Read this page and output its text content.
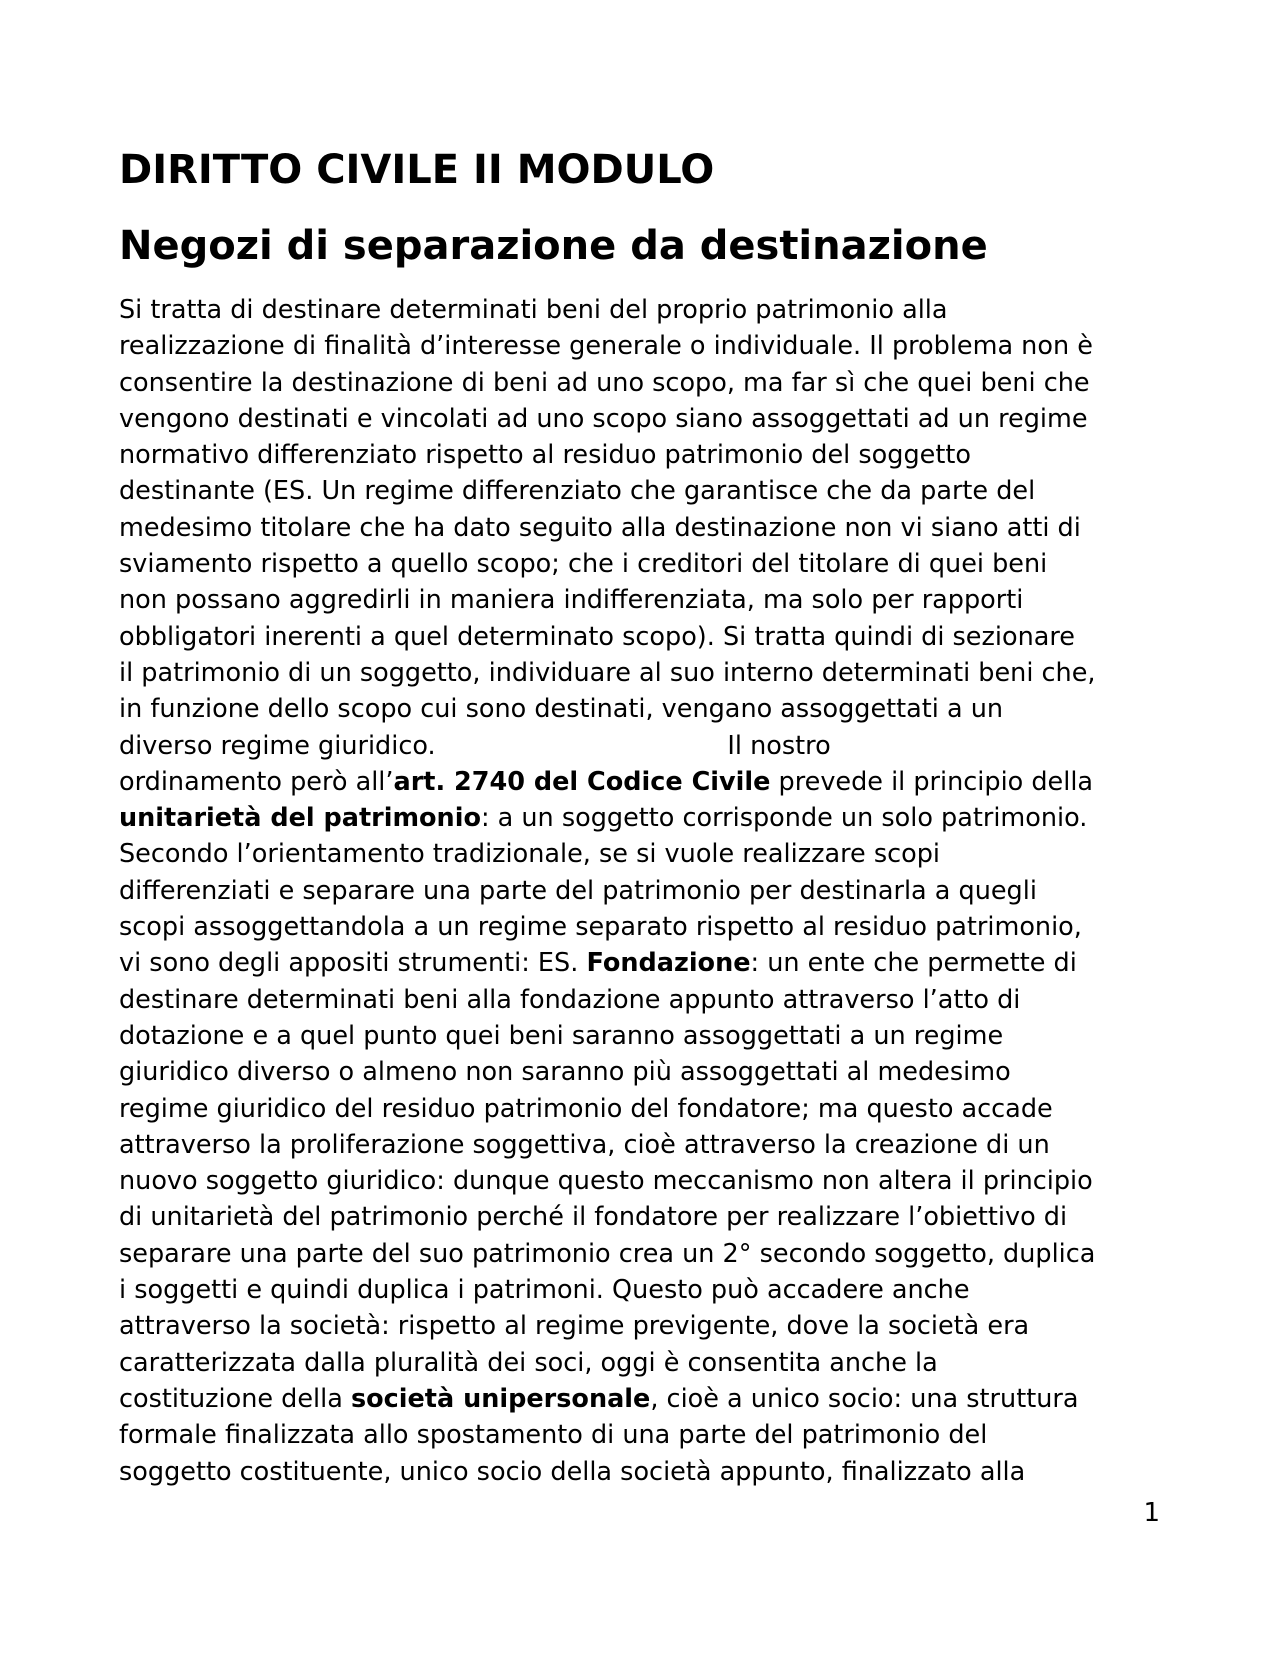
DIRITTO CIVILE II MODULO
Negozi di separazione da destinazione
Si tratta di destinare determinati beni del proprio patrimonio alla
realizzazione di finalità d’interesse generale o individuale. Il problema non è
consentire la destinazione di beni ad uno scopo, ma far sì che quei beni che
vengono destinati e vincolati ad uno scopo siano assoggettati ad un regime
normativo differenziato rispetto al residuo patrimonio del soggetto
destinante (ES. Un regime differenziato che garantisce che da parte del
medesimo titolare che ha dato seguito alla destinazione non vi siano atti di
sviamento rispetto a quello scopo; che i creditori del titolare di quei beni
non possano aggredirli in maniera indifferenziata, ma solo per rapporti
obbligatori inerenti a quel determinato scopo). Si tratta quindi di sezionare
il patrimonio di un soggetto, individuare al suo interno determinati beni che,
in funzione dello scopo cui sono destinati, vengano assoggettati a un
diverso regime giuridico.                                    Il nostro
ordinamento però all’art. 2740 del Codice Civile prevede il principio della
unitarietà del patrimonio: a un soggetto corrisponde un solo patrimonio.
Secondo l’orientamento tradizionale, se si vuole realizzare scopi
differenziati e separare una parte del patrimonio per destinarla a quegli
scopi assoggettandola a un regime separato rispetto al residuo patrimonio,
vi sono degli appositi strumenti: ES. Fondazione: un ente che permette di
destinare determinati beni alla fondazione appunto attraverso l’atto di
dotazione e a quel punto quei beni saranno assoggettati a un regime
giuridico diverso o almeno non saranno più assoggettati al medesimo
regime giuridico del residuo patrimonio del fondatore; ma questo accade
attraverso la proliferazione soggettiva, cioè attraverso la creazione di un
nuovo soggetto giuridico: dunque questo meccanismo non altera il principio
di unitarietà del patrimonio perché il fondatore per realizzare l’obiettivo di
separare una parte del suo patrimonio crea un 2° secondo soggetto, duplica
i soggetti e quindi duplica i patrimoni. Questo può accadere anche
attraverso la società: rispetto al regime previgente, dove la società era
caratterizzata dalla pluralità dei soci, oggi è consentita anche la
costituzione della società unipersonale, cioè a unico socio: una struttura
formale finalizzata allo spostamento di una parte del patrimonio del
soggetto costituente, unico socio della società appunto, finalizzato alla
1
